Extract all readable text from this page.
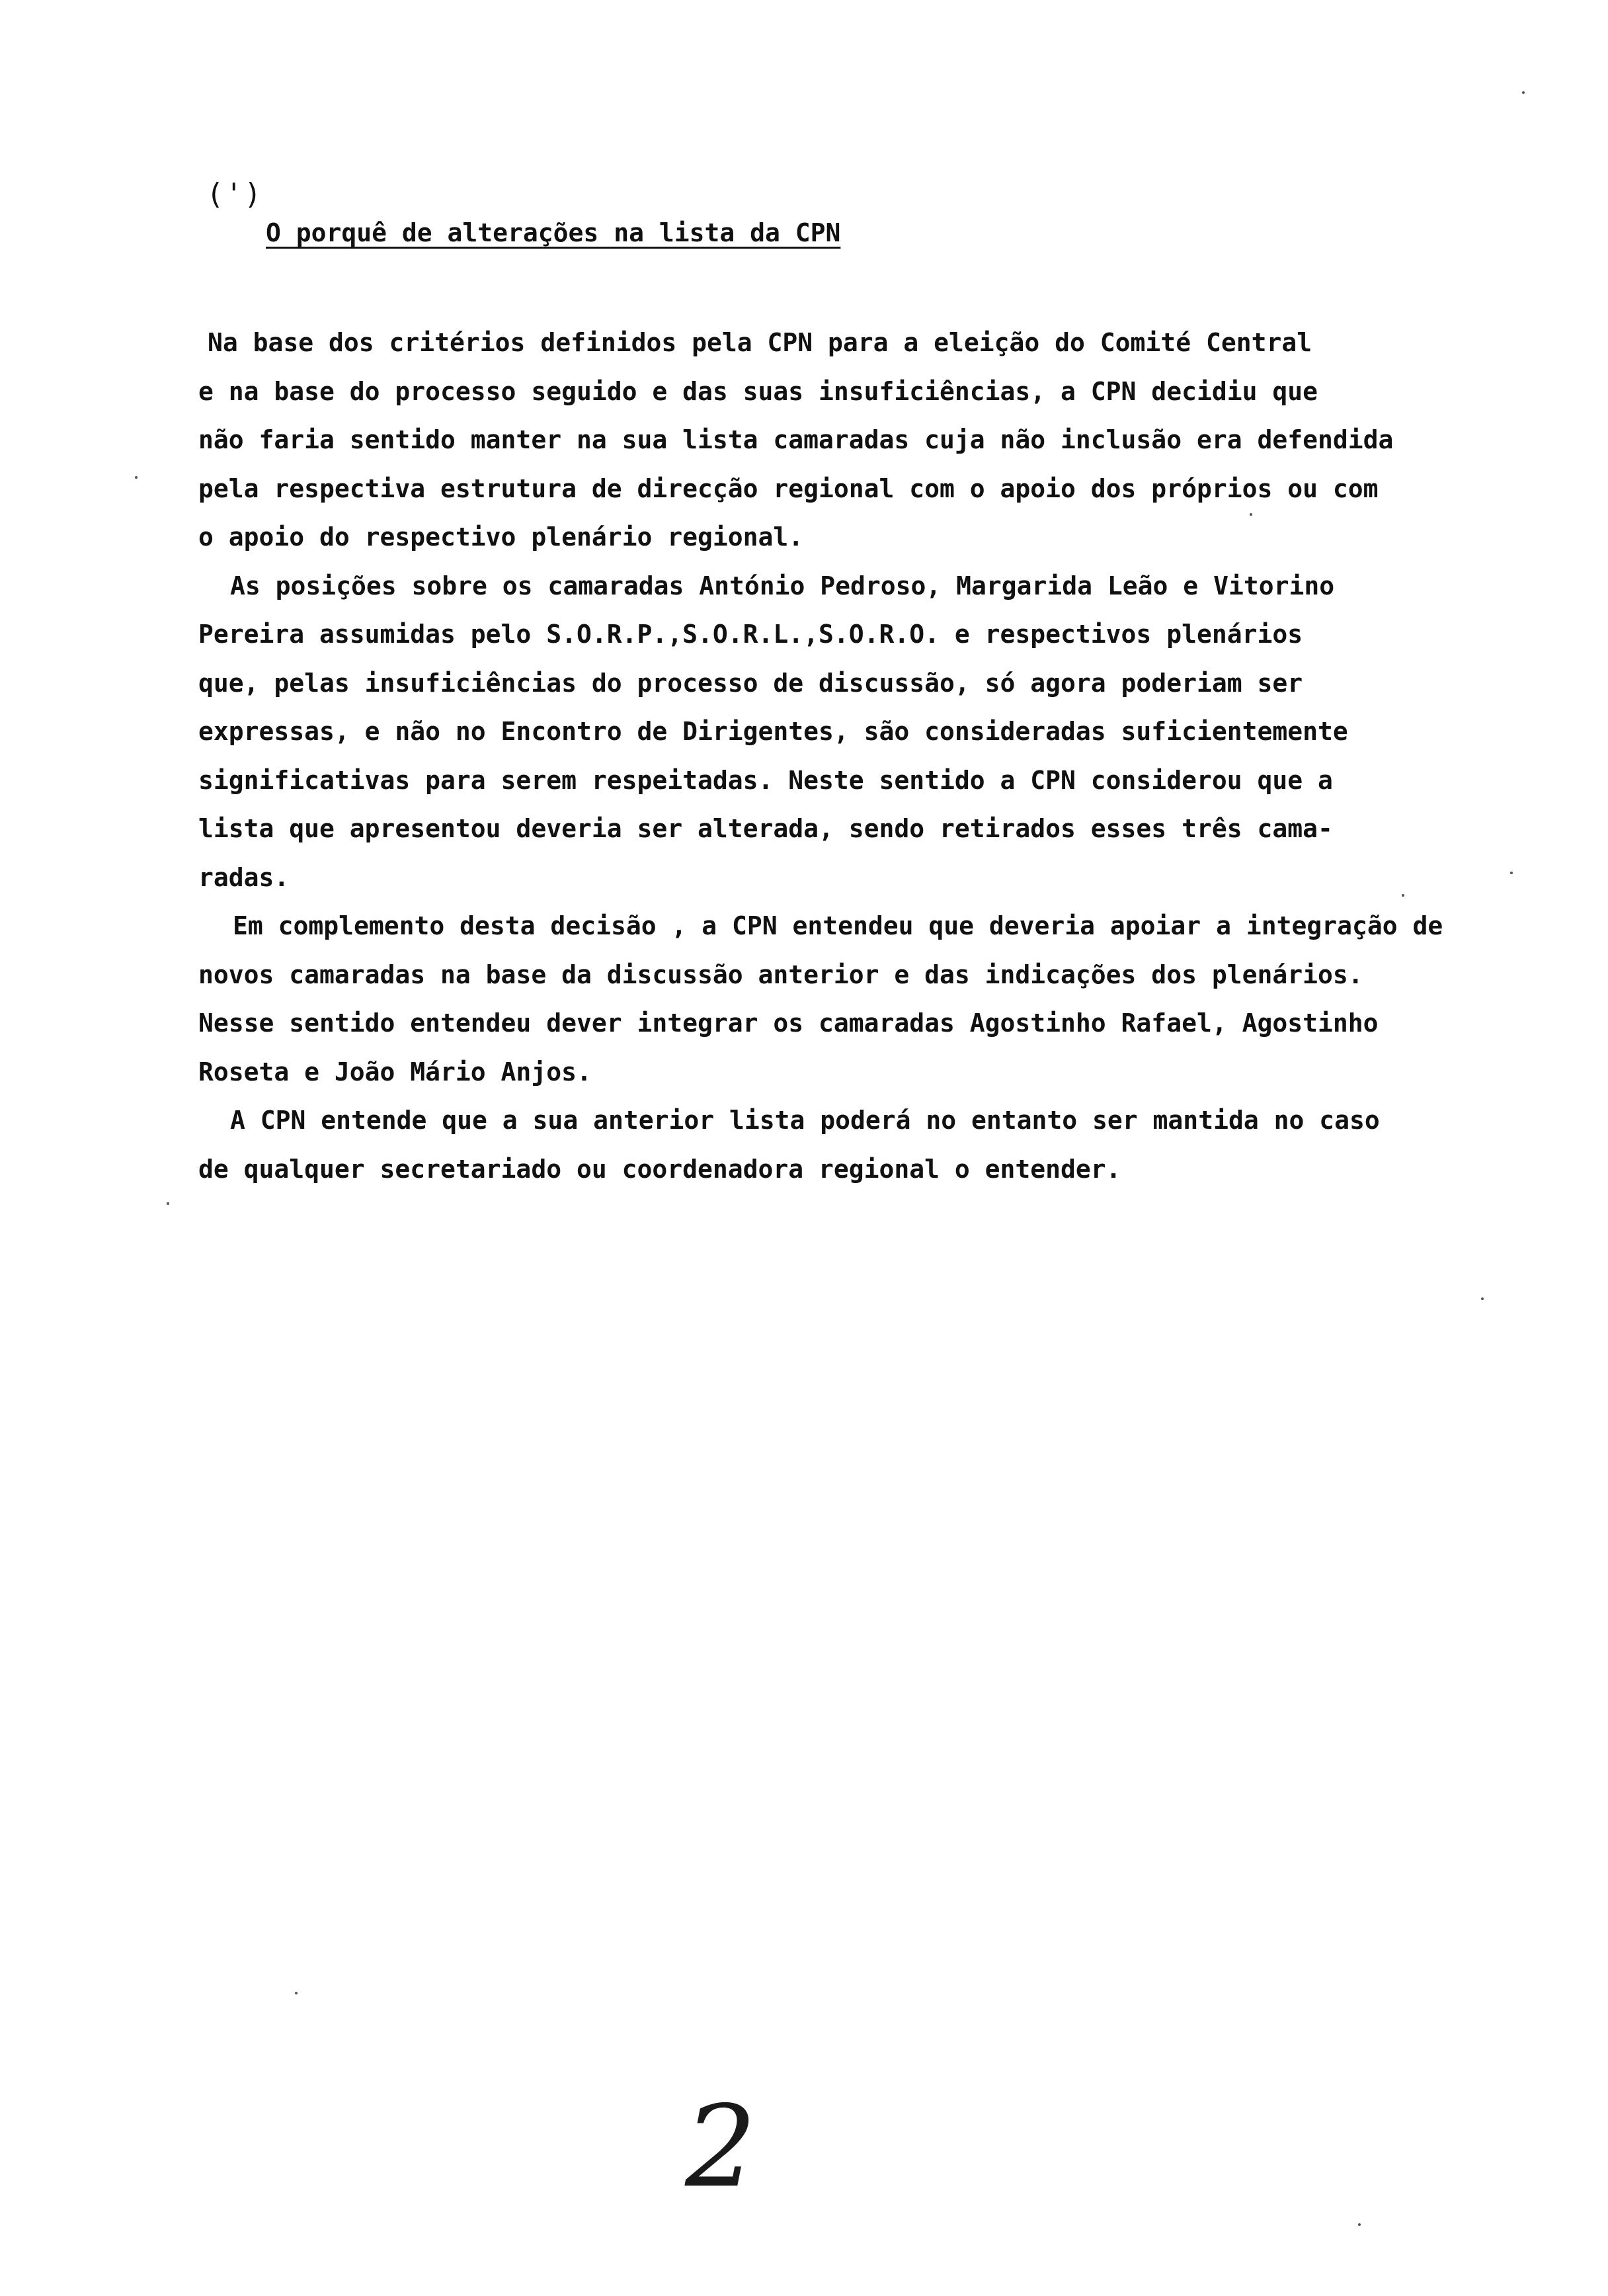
(')
O porquê de alterações na lista da CPN
Na base dos critérios definidos pela CPN para a eleição do Comité Central
e na base do processo seguido e das suas insuficiências, a CPN decidiu que
não faria sentido manter na sua lista camaradas cuja não inclusão era defendida
pela respectiva estrutura de direcção regional com o apoio dos próprios ou com
o apoio do respectivo plenário regional.
As posições sobre os camaradas António Pedroso, Margarida Leão e Vitorino
Pereira assumidas pelo S.O.R.P.,S.O.R.L.,S.O.R.O. e respectivos plenários
que, pelas insuficiências do processo de discussão, só agora poderiam ser
expressas, e não no Encontro de Dirigentes, são consideradas suficientemente
significativas para serem respeitadas. Neste sentido a CPN considerou que a
lista que apresentou deveria ser alterada, sendo retirados esses três cama-
radas.
Em complemento desta decisão , a CPN entendeu que deveria apoiar a integração de
novos camaradas na base da discussão anterior e das indicações dos plenários.
Nesse sentido entendeu dever integrar os camaradas Agostinho Rafael, Agostinho
Roseta e João Mário Anjos.
A CPN entende que a sua anterior lista poderá no entanto ser mantida no caso
de qualquer secretariado ou coordenadora regional o entender.
2
